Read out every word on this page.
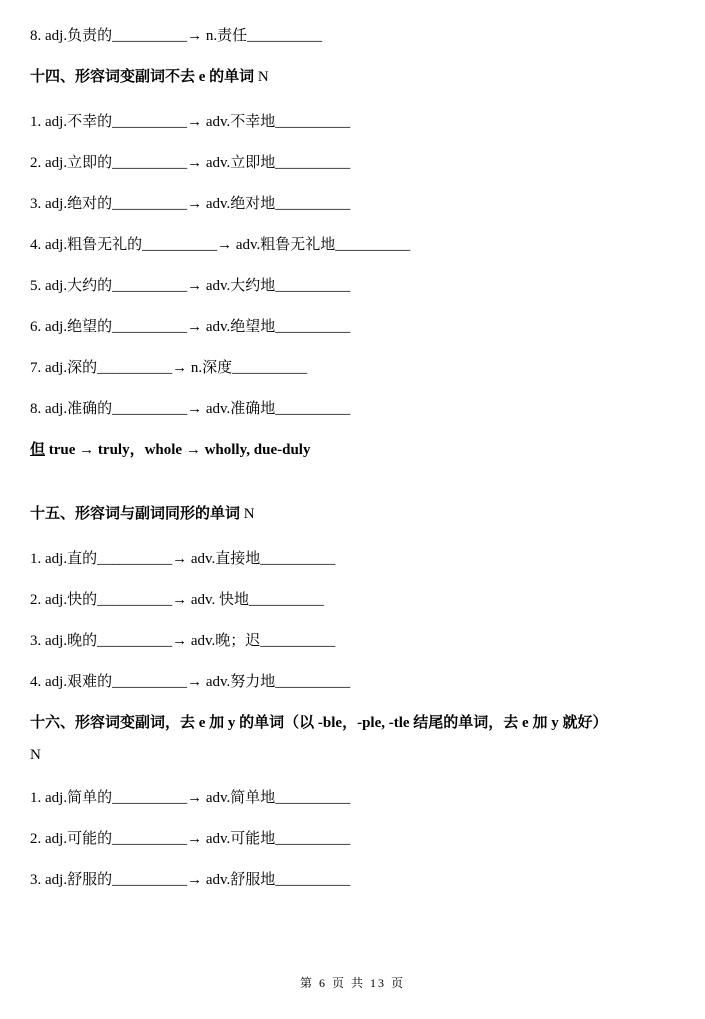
8. adj.负责的__________→ n.责任__________

十四、形容词变副词不去 e 的单词 N

1. adj.不幸的__________→ adv.不幸地__________

2. adj.立即的__________→ adv.立即地__________

3. adj.绝对的__________→ adv.绝对地__________

4. adj.粗鲁无礼的__________→ adv.粗鲁无礼地__________

5. adj.大约的__________→ adv.大约地__________

6. adj.绝望的__________→ adv.绝望地__________

7. adj.深的__________→ n.深度__________

8. adj.准确的__________→ adv.准确地__________

但 true → truly，whole → wholly, due-duly

十五、形容词与副词同形的单词 N

1. adj.直的__________→ adv.直接地__________

2. adj.快的__________→ adv. 快地__________

3. adj.晚的__________→ adv.晚；迟__________

4. adj.艰难的__________→ adv.努力地__________

十六、形容词变副词，去 e 加 y 的单词（以 -ble，-ple, -tle 结尾的单词，去 e 加 y 就好）

N

1. adj.简单的__________→ adv.简单地__________

2. adj.可能的__________→ adv.可能地__________

3. adj.舒服的__________→ adv.舒服地__________

第 6 页 共 13 页
